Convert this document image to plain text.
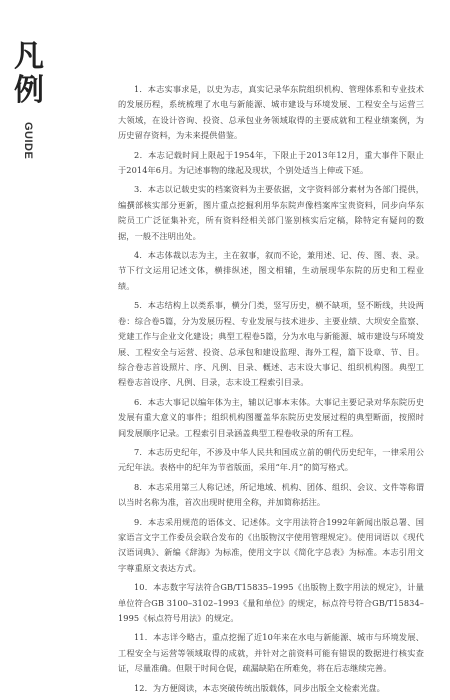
凡例
GUIDE

1．本志实事求是，以史为志，真实记录华东院组织机构、管理体系和专业技术的发展历程，系统梳理了水电与新能源、城市建设与环境发展、工程安全与运营三大领域，在设计咨询、投资、总承包业务领域取得的主要成就和工程业绩案例，为历史留存资料，为未来提供借鉴。

2．本志记载时间上限起于1954年，下限止于2013年12月，重大事件下限止于2014年6月。为记述事物的缘起及现状，个别处适当上伸或下延。

3．本志以记载史实的档案资料为主要依据，文字资料部分素材为各部门提供，编撰部核实部分更新，图片重点挖掘利用华东院声像档案库宝贵资料，同步向华东院员工广泛征集补充，所有资料经相关部门鉴别核实后定稿，除特定有疑问的数据，一般不注明出处。

4．本志体裁以志为主，主在叙事，叙而不论，兼用述、记、传、图、表、录。节下行文运用记述文体，横排纵述，图文相辅，生动展现华东院的历史和工程业绩。

5．本志结构上以类系事，横分门类，竖写历史，横不缺项，竖不断线，共设两卷：综合卷5篇，分为发展历程、专业发展与技术进步、主要业绩、大坝安全监察、党建工作与企业文化建设；典型工程卷5篇，分为水电与新能源、城市建设与环境发展、工程安全与运营、投资、总承包和建设监理、海外工程，篇下设章、节、目。综合卷志首设照片、序、凡例、目录、概述、志末设大事记、组织机构图。典型工程卷志首设序、凡例、目录，志末设工程索引目录。

6．本志大事记以编年体为主，辅以记事本末体。大事记主要记录对华东院历史发展有重大意义的事件；组织机构图覆盖华东院历史发展过程的典型断面，按照时间发展顺序记录。工程索引目录涵盖典型工程卷收录的所有工程。

7．本志历史纪年，不涉及中华人民共和国成立前的朝代历史纪年，一律采用公元纪年法。表格中的纪年为节省版面，采用“年.月”的简写格式。

8．本志采用第三人称记述，所记地域、机构、团体、组织、会议、文件等称谓以当时名称为准，首次出现时使用全称，并加简称括注。

9．本志采用规范的语体文、记述体。文字用法符合1992年新闻出版总署、国家语言文字工作委员会联合发布的《出版物汉字使用管理规定》。使用词语以《现代汉语词典》、新编《辞海》为标准，使用文字以《简化字总表》为标准。本志引用文字尊重原文表达方式。

10．本志数字写法符合GB/T15835–1995《出版物上数字用法的规定》，计量单位符合GB 3100–3102–1993《量和单位》的规定，标点符号符合GB/T15834–1995《标点符号用法》的规定。

11．本志详今略古，重点挖掘了近10年来在水电与新能源、城市与环境发展、工程安全与运营等领域取得的成就，并针对之前资料可能有错误的数据进行核实查证，尽量准确。但限于时间仓促，疏漏缺陷在所难免，将在后志继续完善。

12．为方便阅读，本志突破传统出版载体，同步出版全文检索光盘。
